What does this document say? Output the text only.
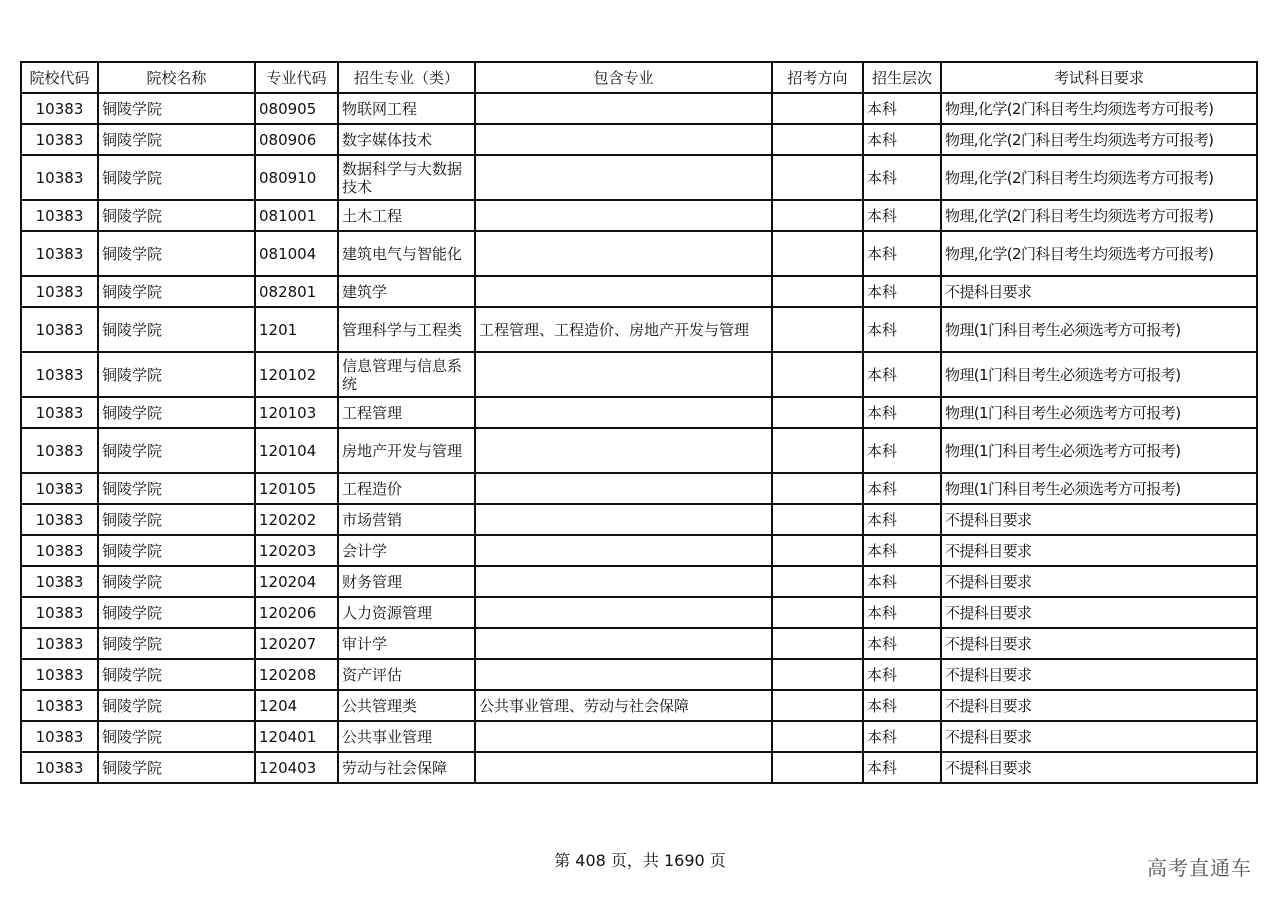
院校代码	院校名称	专业代码	招生专业（类）	包含专业	招考方向	招生层次	考试科目要求
10383	铜陵学院	080905	物联网工程			本科	物理,化学(2门科目考生均须选考方可报考)
10383	铜陵学院	080906	数字媒体技术			本科	物理,化学(2门科目考生均须选考方可报考)
10383	铜陵学院	080910	数据科学与大数据技术			本科	物理,化学(2门科目考生均须选考方可报考)
10383	铜陵学院	081001	土木工程			本科	物理,化学(2门科目考生均须选考方可报考)
10383	铜陵学院	081004	建筑电气与智能化			本科	物理,化学(2门科目考生均须选考方可报考)
10383	铜陵学院	082801	建筑学			本科	不提科目要求
10383	铜陵学院	1201	管理科学与工程类	工程管理、工程造价、房地产开发与管理		本科	物理(1门科目考生必须选考方可报考)
10383	铜陵学院	120102	信息管理与信息系统			本科	物理(1门科目考生必须选考方可报考)
10383	铜陵学院	120103	工程管理			本科	物理(1门科目考生必须选考方可报考)
10383	铜陵学院	120104	房地产开发与管理			本科	物理(1门科目考生必须选考方可报考)
10383	铜陵学院	120105	工程造价			本科	物理(1门科目考生必须选考方可报考)
10383	铜陵学院	120202	市场营销			本科	不提科目要求
10383	铜陵学院	120203	会计学			本科	不提科目要求
10383	铜陵学院	120204	财务管理			本科	不提科目要求
10383	铜陵学院	120206	人力资源管理			本科	不提科目要求
10383	铜陵学院	120207	审计学			本科	不提科目要求
10383	铜陵学院	120208	资产评估			本科	不提科目要求
10383	铜陵学院	1204	公共管理类	公共事业管理、劳动与社会保障		本科	不提科目要求
10383	铜陵学院	120401	公共事业管理			本科	不提科目要求
10383	铜陵学院	120403	劳动与社会保障			本科	不提科目要求
第 408 页，共 1690 页	高考直通车
